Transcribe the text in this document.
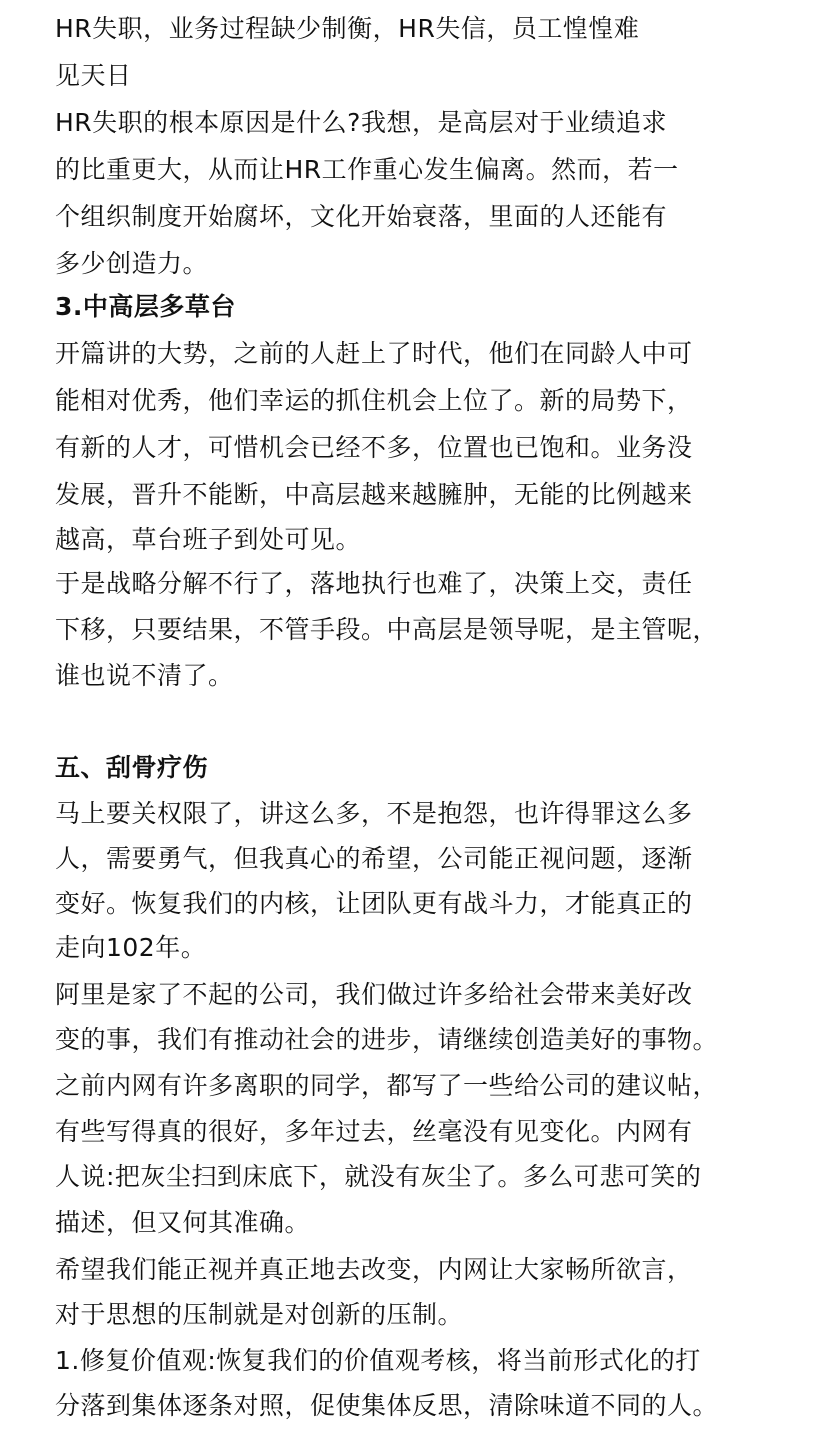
HR失职，业务过程缺少制衡，HR失信，员工惶惶难
见天日
HR失职的根本原因是什么?我想，是高层对于业绩追求
的比重更大，从而让HR工作重心发生偏离。然而，若一
个组织制度开始腐坏，文化开始衰落，里面的人还能有
多少创造力。
3.中高层多草台
开篇讲的大势，之前的人赶上了时代，他们在同龄人中可
能相对优秀，他们幸运的抓住机会上位了。新的局势下，
有新的人才，可惜机会已经不多，位置也已饱和。业务没
发展，晋升不能断，中高层越来越臃肿，无能的比例越来
越高，草台班子到处可见。
于是战略分解不行了，落地执行也难了，决策上交，责任
下移，只要结果，不管手段。中高层是领导呢，是主管呢，
谁也说不清了。
五、刮骨疗伤
马上要关权限了，讲这么多，不是抱怨，也许得罪这么多
人，需要勇气，但我真心的希望，公司能正视问题，逐渐
变好。恢复我们的内核，让团队更有战斗力，才能真正的
走向102年。
阿里是家了不起的公司，我们做过许多给社会带来美好改
变的事，我们有推动社会的进步，请继续创造美好的事物。
之前内网有许多离职的同学，都写了一些给公司的建议帖，
有些写得真的很好，多年过去，丝毫没有见变化。内网有
人说:把灰尘扫到床底下，就没有灰尘了。多么可悲可笑的
描述，但又何其准确。
希望我们能正视并真正地去改变，内网让大家畅所欲言，
对于思想的压制就是对创新的压制。
1.修复价值观:恢复我们的价值观考核，将当前形式化的打
分落到集体逐条对照，促使集体反思，清除味道不同的人。
